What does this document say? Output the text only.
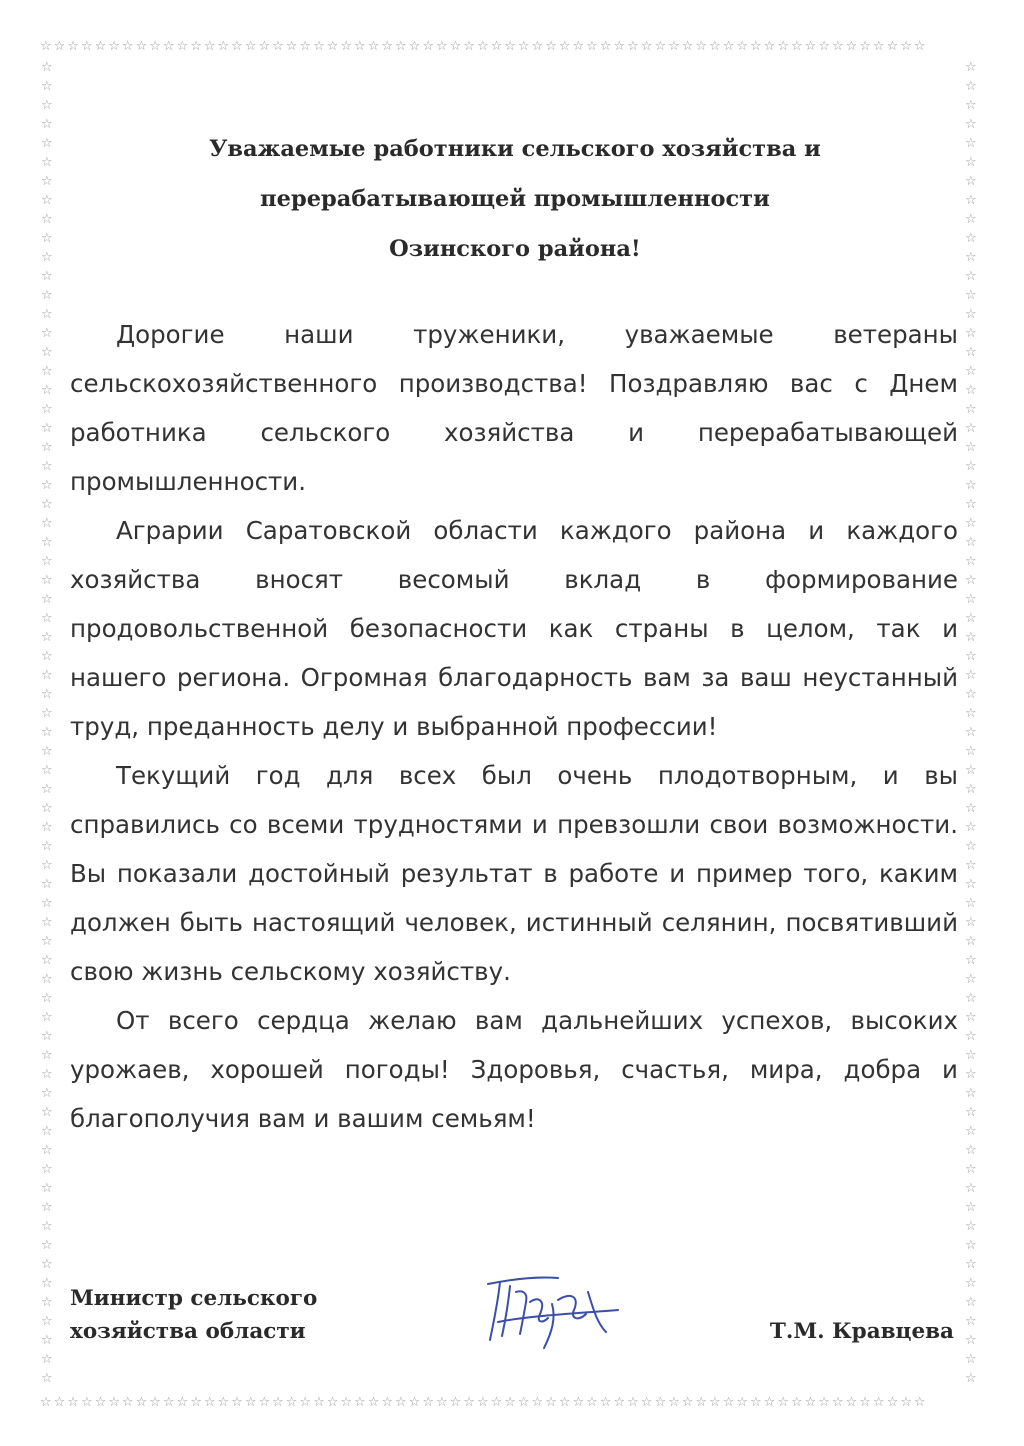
☆☆☆☆☆☆☆☆☆☆☆☆☆☆☆☆☆☆☆☆☆☆☆☆☆☆☆☆☆☆☆☆☆☆☆☆☆☆☆☆☆☆☆☆☆☆☆☆☆☆☆☆☆☆☆☆☆☆☆☆☆☆☆☆☆
☆☆☆☆☆☆☆☆☆☆☆☆☆☆☆☆☆☆☆☆☆☆☆☆☆☆☆☆☆☆☆☆☆☆☆☆☆☆☆☆☆☆☆☆☆☆☆☆☆☆☆☆☆☆☆☆☆☆☆☆☆☆☆☆☆
☆☆☆☆☆☆☆☆☆☆☆☆☆☆☆☆☆☆☆☆☆☆☆☆☆☆☆☆☆☆☆☆☆☆☆☆☆☆☆☆☆☆☆☆☆☆☆☆☆☆☆☆☆☆☆☆☆☆☆☆☆☆☆☆☆☆☆☆☆☆
☆☆☆☆☆☆☆☆☆☆☆☆☆☆☆☆☆☆☆☆☆☆☆☆☆☆☆☆☆☆☆☆☆☆☆☆☆☆☆☆☆☆☆☆☆☆☆☆☆☆☆☆☆☆☆☆☆☆☆☆☆☆☆☆☆☆☆☆☆☆
Уважаемые работники сельского хозяйства и
перерабатывающей промышленности
Озинского района!

Дорогие наши труженики, уважаемые ветераны сельскохозяйственного производства! Поздравляю вас с Днем работника сельского хозяйства и перерабатывающей промышленности.

Аграрии Саратовской области каждого района и каждого хозяйства вносят весомый вклад в формирование продовольственной безопасности как страны в целом, так и нашего региона. Огромная благодарность вам за ваш неустанный труд, преданность делу и выбранной профессии!

Текущий год для всех был очень плодотворным, и вы справились со всеми трудностями и превзошли свои возможности. Вы показали достойный результат в работе и пример того, каким должен быть настоящий человек, истинный селянин, посвятивший свою жизнь сельскому хозяйству.

От всего сердца желаю вам дальнейших успехов, высоких урожаев, хорошей погоды! Здоровья, счастья, мира, добра и благополучия вам и вашим семьям!

Министр сельского
хозяйства области	Т.М. Кравцева
